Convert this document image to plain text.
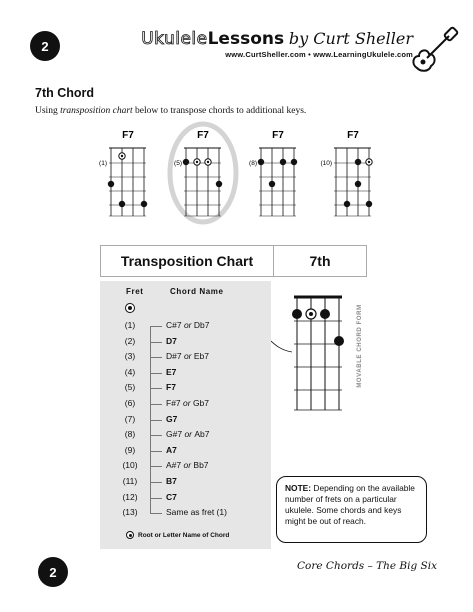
2	UkuleleLessons by Curt Sheller
www.CurtSheller.com • www.LearningUkulele.com
7th Chord
Using transposition chart below to transpose chords to additional keys.
F7
(1)
F7
(5)
F7
(8)
F7
(10)
Transposition Chart	7th
Fret	Chord Name
(1)	C#7 or Db7
(2)	D7
(3)	D#7 or Eb7
(4)	E7
(5)	F7
(6)	F#7 or Gb7
(7)	G7
(8)	G#7 or Ab7
(9)	A7
(10)	A#7 or Bb7
(11)	B7
(12)	C7
(13)	Same as fret (1)
Root or Letter Name of Chord
MOVABLE CHORD FORM
NOTE: Depending on the available number of frets on a particular ukulele. Some chords and keys might be out of reach.
2	Core Chords – The Big Six
